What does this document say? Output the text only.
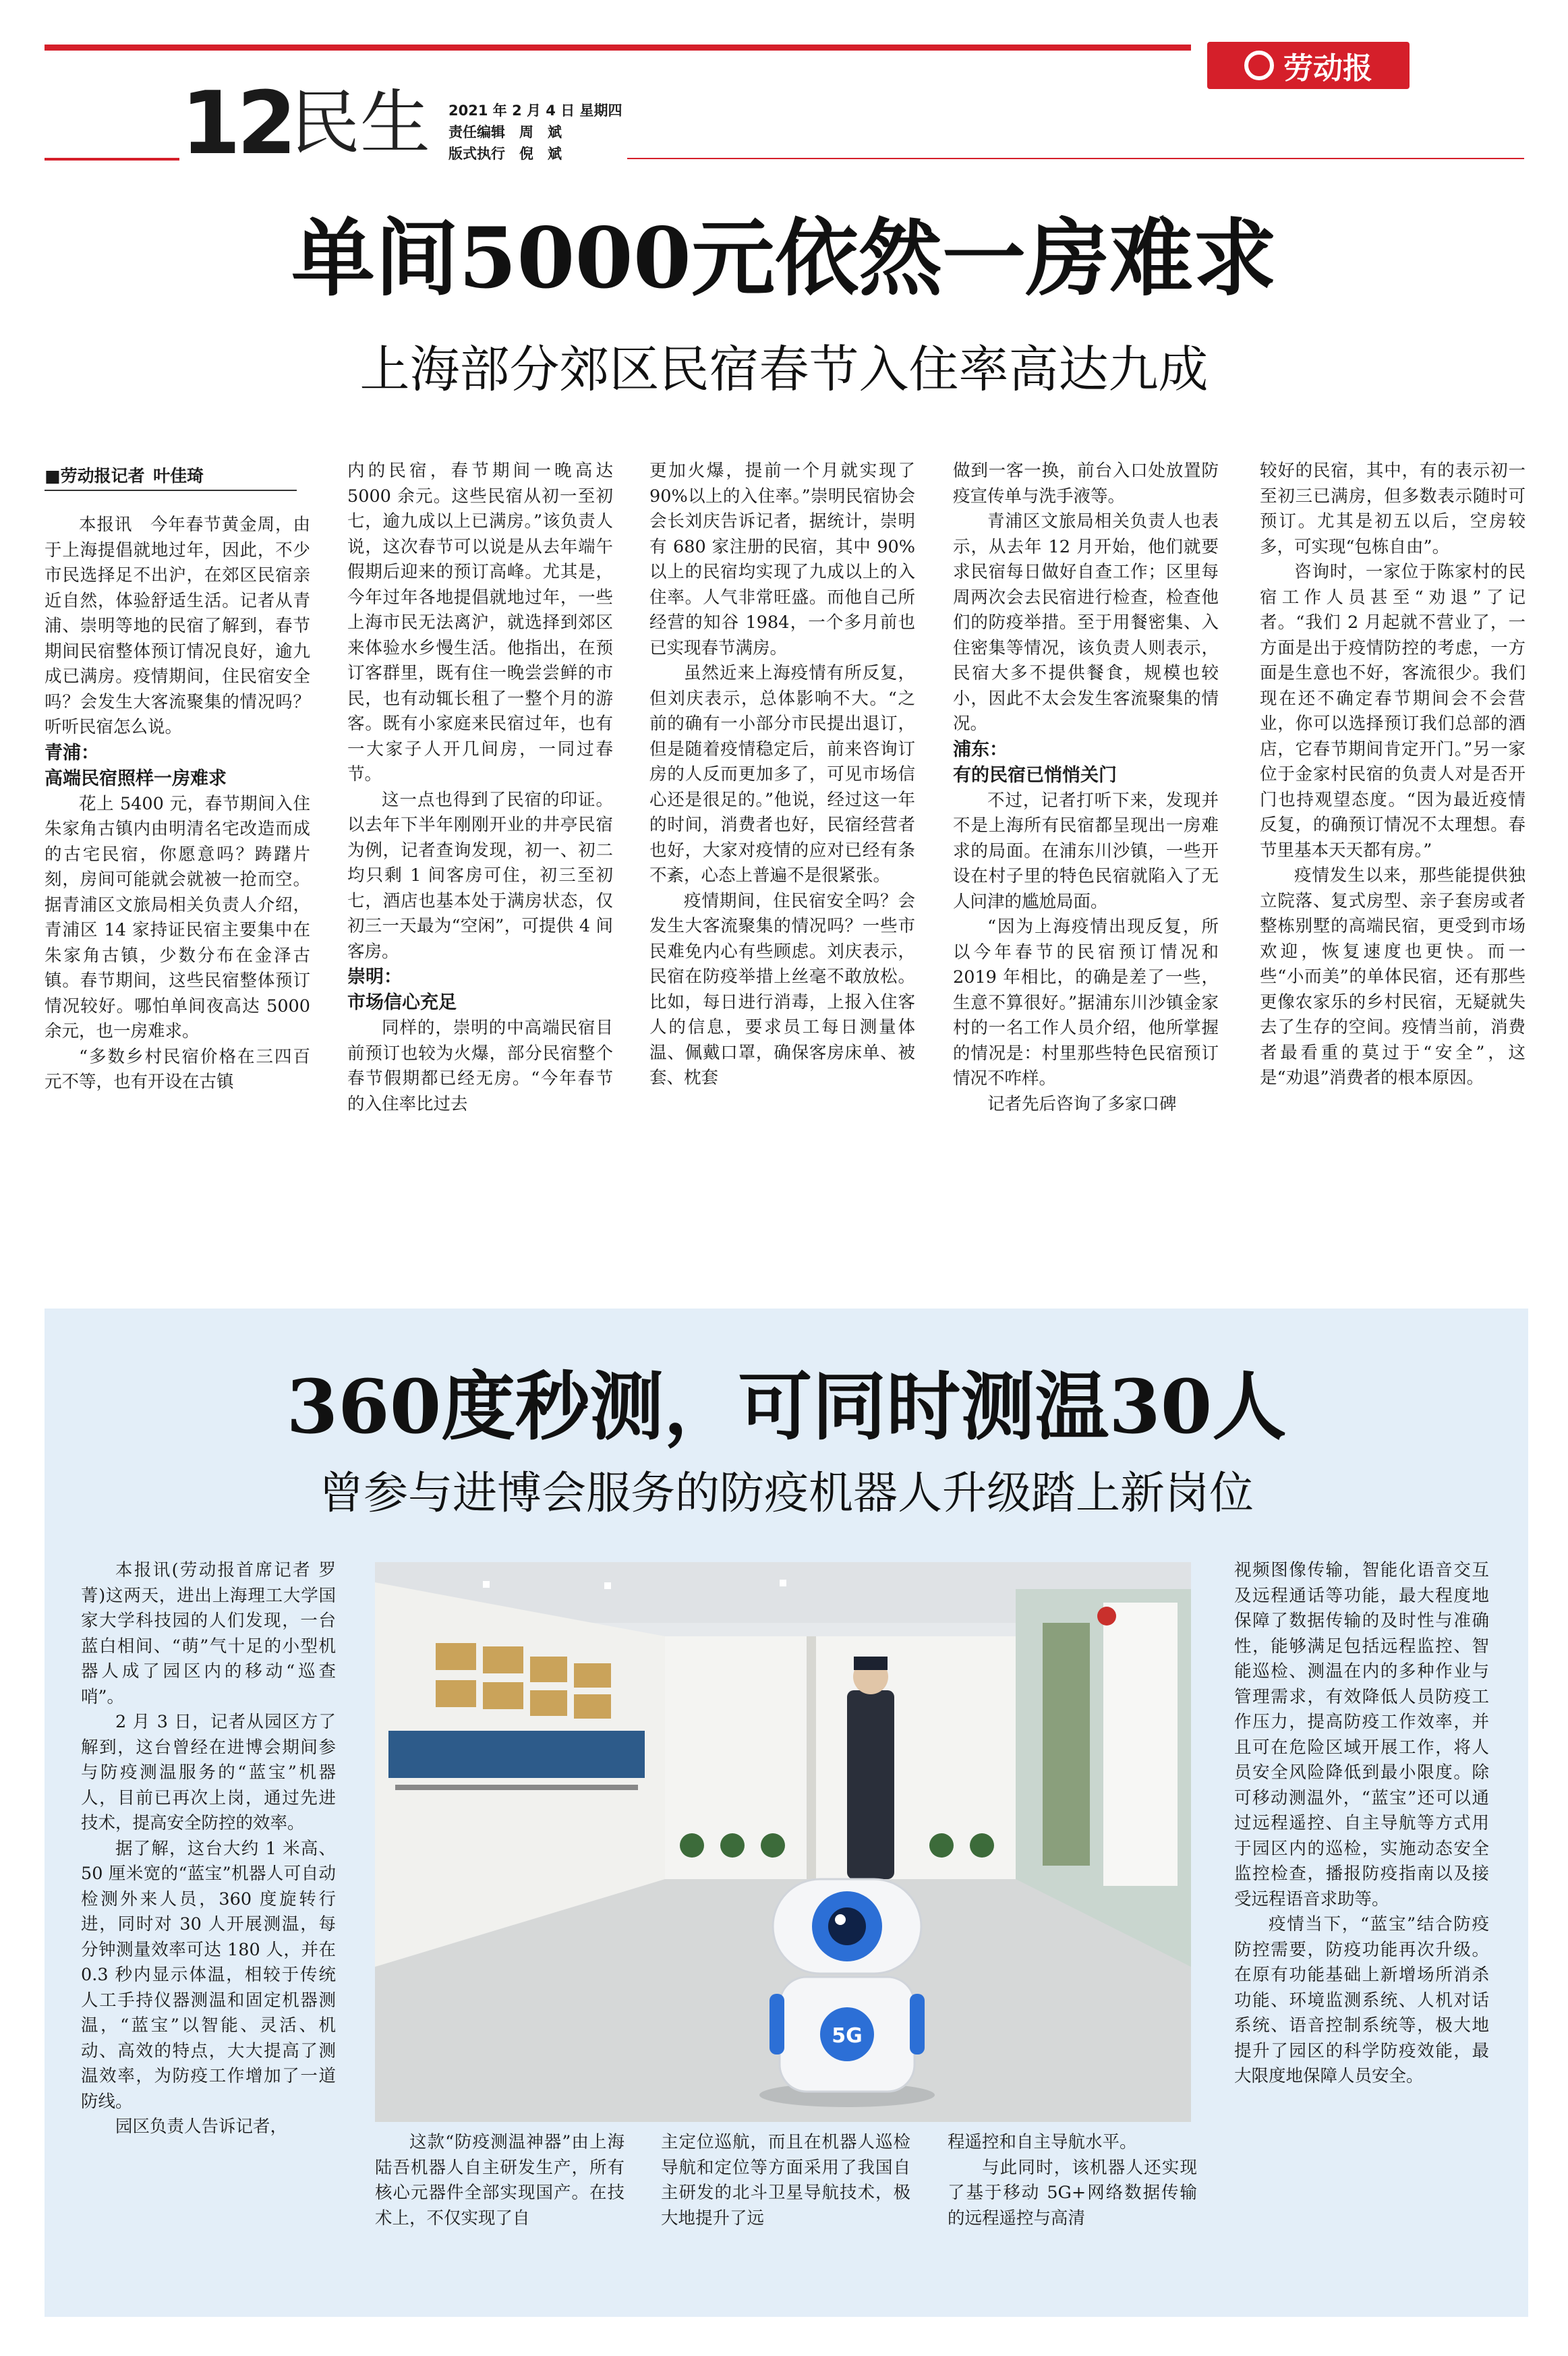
劳动报
12
民生 2021 年 2 月 4 日 星期四
责任编辑　周　斌
版式执行　倪　斌
单间5000元依然一房难求
上海部分郊区民宿春节入住率高达九成
■劳动报记者  叶佳琦

本报讯　今年春节黄金周，由于上海提倡就地过年，因此，不少市民选择足不出沪，在郊区民宿亲近自然，体验舒适生活。记者从青浦、崇明等地的民宿了解到，春节期间民宿整体预订情况良好，逾九成已满房。疫情期间，住民宿安全吗？会发生大客流聚集的情况吗？听听民宿怎么说。

青浦：

高端民宿照样一房难求

花上 5400 元，春节期间入住朱家角古镇内由明清名宅改造而成的古宅民宿，你愿意吗？踌躇片刻，房间可能就会就被一抢而空。据青浦区文旅局相关负责人介绍，青浦区 14 家持证民宿主要集中在朱家角古镇，少数分布在金泽古镇。春节期间，这些民宿整体预订情况较好。哪怕单间夜高达 5000 余元，也一房难求。

“多数乡村民宿价格在三四百元不等，也有开设在古镇

内的民宿，春节期间一晚高达 5000 余元。这些民宿从初一至初七，逾九成以上已满房。”该负责人说，这次春节可以说是从去年端午假期后迎来的预订高峰。尤其是，今年过年各地提倡就地过年，一些上海市民无法离沪，就选择到郊区来体验水乡慢生活。他指出，在预订客群里，既有住一晚尝尝鲜的市民，也有动辄长租了一整个月的游客。既有小家庭来民宿过年，也有一大家子人开几间房，一同过春节。

这一点也得到了民宿的印证。以去年下半年刚刚开业的井亭民宿为例，记者查询发现，初一、初二均只剩 1 间客房可住，初三至初七，酒店也基本处于满房状态，仅初三一天最为“空闲”，可提供 4 间客房。

崇明：

市场信心充足

同样的，崇明的中高端民宿目前预订也较为火爆，部分民宿整个春节假期都已经无房。“今年春节的入住率比过去

更加火爆，提前一个月就实现了 90%以上的入住率。”崇明民宿协会会长刘庆告诉记者，据统计，崇明有 680 家注册的民宿，其中 90%以上的民宿均实现了九成以上的入住率。人气非常旺盛。而他自己所经营的知谷 1984，一个多月前也已实现春节满房。

虽然近来上海疫情有所反复，但刘庆表示，总体影响不大。“之前的确有一小部分市民提出退订，但是随着疫情稳定后，前来咨询订房的人反而更加多了，可见市场信心还是很足的。”他说，经过这一年的时间，消费者也好，民宿经营者也好，大家对疫情的应对已经有条不紊，心态上普遍不是很紧张。

疫情期间，住民宿安全吗？会发生大客流聚集的情况吗？一些市民难免内心有些顾虑。刘庆表示，民宿在防疫举措上丝毫不敢放松。比如，每日进行消毒，上报入住客人的信息，要求员工每日测量体温、佩戴口罩，确保客房床单、被套、枕套

做到一客一换，前台入口处放置防疫宣传单与洗手液等。

青浦区文旅局相关负责人也表示，从去年 12 月开始，他们就要求民宿每日做好自查工作；区里每周两次会去民宿进行检查，检查他们的防疫举措。至于用餐密集、入住密集等情况，该负责人则表示，民宿大多不提供餐食，规模也较小，因此不太会发生客流聚集的情况。

浦东：

有的民宿已悄悄关门

不过，记者打听下来，发现并不是上海所有民宿都呈现出一房难求的局面。在浦东川沙镇，一些开设在村子里的特色民宿就陷入了无人问津的尴尬局面。

“因为上海疫情出现反复，所以今年春节的民宿预订情况和 2019 年相比，的确是差了一些，生意不算很好。”据浦东川沙镇金家村的一名工作人员介绍，他所掌握的情况是：村里那些特色民宿预订情况不咋样。

记者先后咨询了多家口碑

较好的民宿，其中，有的表示初一至初三已满房，但多数表示随时可预订。尤其是初五以后，空房较多，可实现“包栋自由”。

咨询时，一家位于陈家村的民宿工作人员甚至“劝退”了记者。“我们 2 月起就不营业了，一方面是出于疫情防控的考虑，一方面是生意也不好，客流很少。我们现在还不确定春节期间会不会营业，你可以选择预订我们总部的酒店，它春节期间肯定开门。”另一家位于金家村民宿的负责人对是否开门也持观望态度。“因为最近疫情反复，的确预订情况不太理想。春节里基本天天都有房。”

疫情发生以来，那些能提供独立院落、复式房型、亲子套房或者整栋别墅的高端民宿，更受到市场欢迎，恢复速度也更快。而一些“小而美”的单体民宿，还有那些更像农家乐的乡村民宿，无疑就失去了生存的空间。疫情当前，消费者最看重的莫过于“安全”，这是“劝退”消费者的根本原因。

360度秒测，可同时测温30人
曾参与进博会服务的防疫机器人升级踏上新岗位

本报讯(劳动报首席记者 罗菁)这两天，进出上海理工大学国家大学科技园的人们发现，一台蓝白相间、“萌”气十足的小型机器人成了园区内的移动“巡查哨”。

2 月 3 日，记者从园区方了解到，这台曾经在进博会期间参与防疫测温服务的“蓝宝”机器人，目前已再次上岗，通过先进技术，提高安全防控的效率。

据了解，这台大约 1 米高、50 厘米宽的“蓝宝”机器人可自动检测外来人员，360 度旋转行进，同时对 30 人开展测温，每分钟测量效率可达 180 人，并在 0.3 秒内显示体温，相较于传统人工手持仪器测温和固定机器测温，“蓝宝”以智能、灵活、机动、高效的特点，大大提高了测温效率，为防疫工作增加了一道防线。

园区负责人告诉记者，

5G

这款“防疫测温神器”由上海陆吾机器人自主研发生产，所有核心元器件全部实现国产。在技术上，不仅实现了自

主定位巡航，而且在机器人巡检导航和定位等方面采用了我国自主研发的北斗卫星导航技术，极大地提升了远

程遥控和自主导航水平。

与此同时，该机器人还实现了基于移动 5G+网络数据传输的远程遥控与高清

视频图像传输，智能化语音交互及远程通话等功能，最大程度地保障了数据传输的及时性与准确性，能够满足包括远程监控、智能巡检、测温在内的多种作业与管理需求，有效降低人员防疫工作压力，提高防疫工作效率，并且可在危险区域开展工作，将人员安全风险降低到最小限度。除可移动测温外，“蓝宝”还可以通过远程遥控、自主导航等方式用于园区内的巡检，实施动态安全监控检查，播报防疫指南以及接受远程语音求助等。

疫情当下，“蓝宝”结合防疫防控需要，防疫功能再次升级。在原有功能基础上新增场所消杀功能、环境监测系统、人机对话系统、语音控制系统等，极大地提升了园区的科学防疫效能，最大限度地保障人员安全。
